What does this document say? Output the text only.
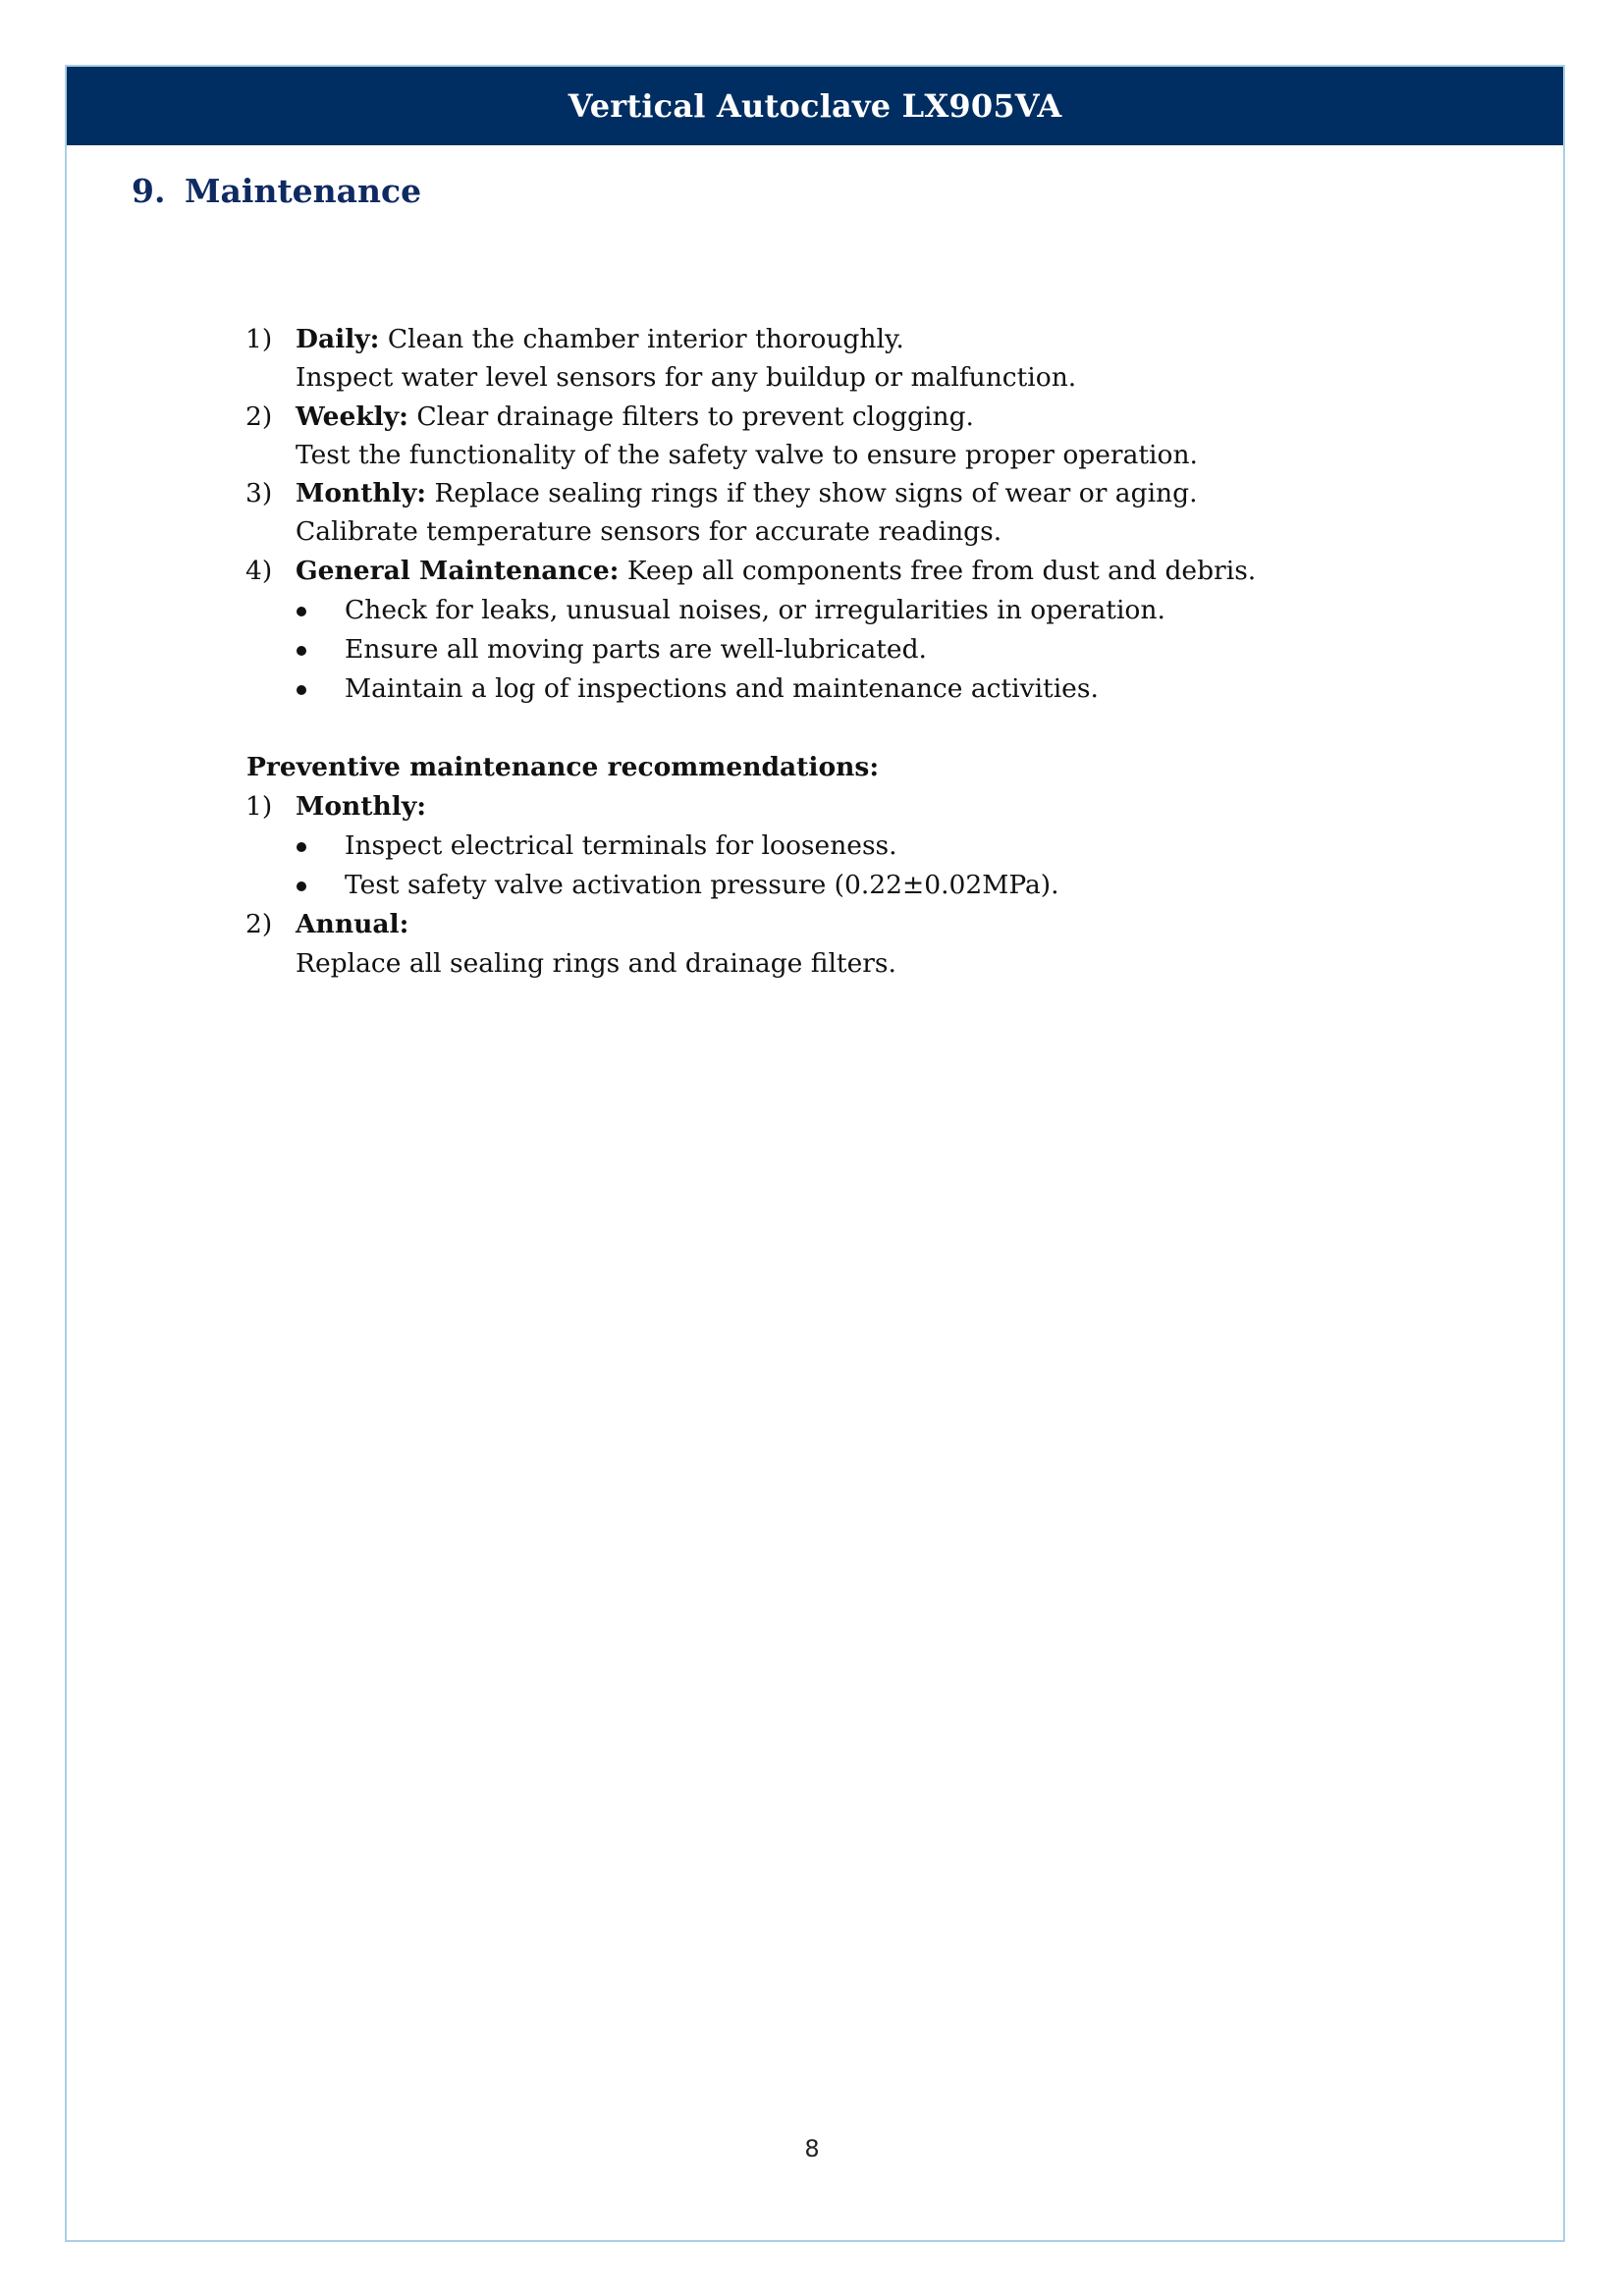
Vertical Autoclave LX905VA
9. Maintenance
1) Daily: Clean the chamber interior thoroughly.
Inspect water level sensors for any buildup or malfunction.
2) Weekly: Clear drainage filters to prevent clogging.
Test the functionality of the safety valve to ensure proper operation.
3) Monthly: Replace sealing rings if they show signs of wear or aging.
Calibrate temperature sensors for accurate readings.
4) General Maintenance: Keep all components free from dust and debris.
Check for leaks, unusual noises, or irregularities in operation.
Ensure all moving parts are well-lubricated.
Maintain a log of inspections and maintenance activities.
Preventive maintenance recommendations:
1) Monthly:
Inspect electrical terminals for looseness.
Test safety valve activation pressure (0.22±0.02MPa).
2) Annual:
Replace all sealing rings and drainage filters.
8
